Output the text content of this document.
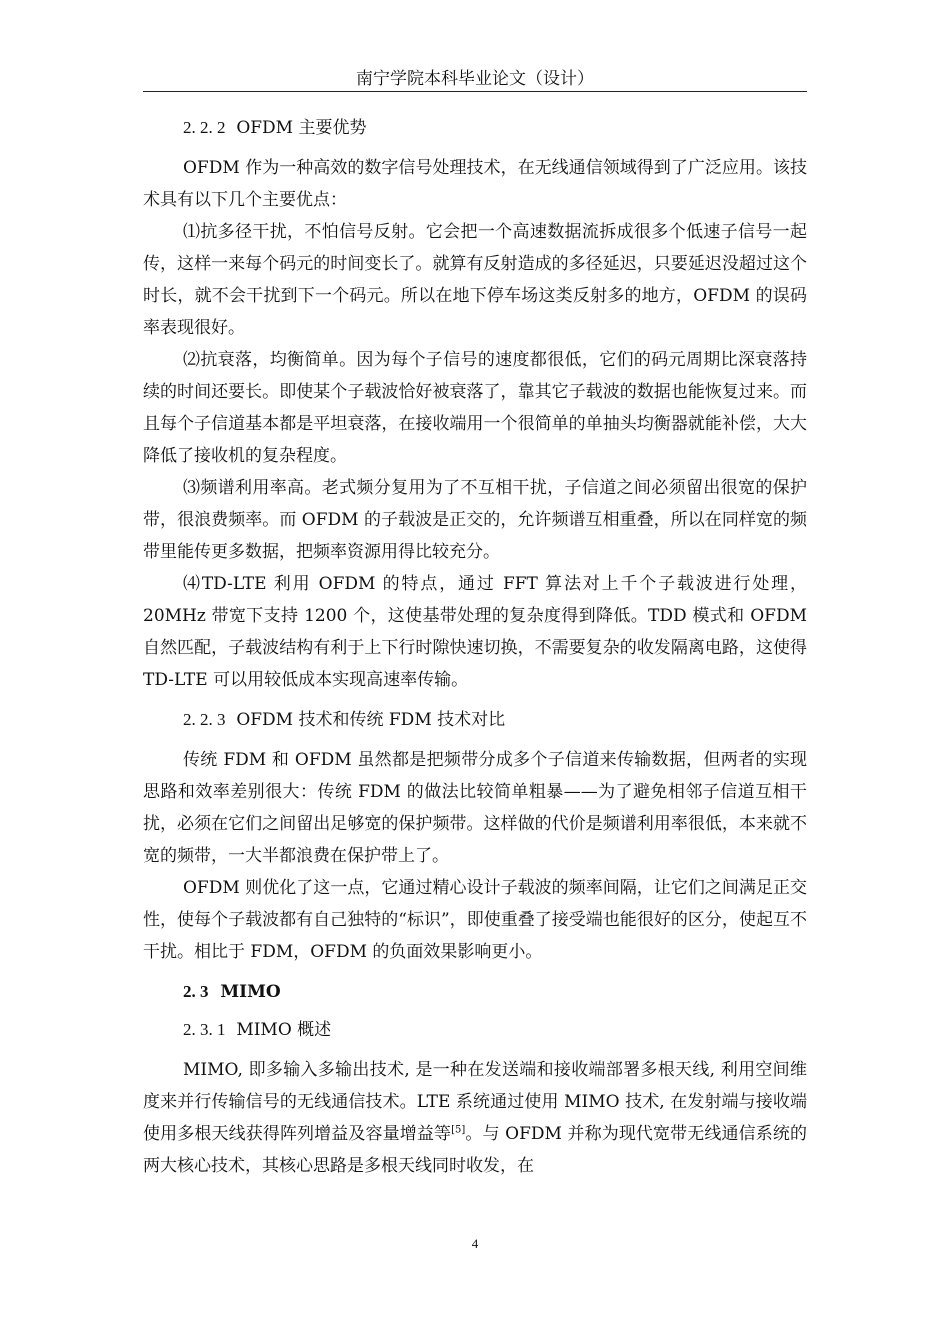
南宁学院本科毕业论文（设计）
2. 2. 2 OFDM 主要优势

OFDM 作为一种高效的数字信号处理技术，在无线通信领域得到了广泛应用。该技术具有以下几个主要优点：

⑴抗多径干扰，不怕信号反射。它会把一个高速数据流拆成很多个低速子信号一起传，这样一来每个码元的时间变长了。就算有反射造成的多径延迟，只要延迟没超过这个时长，就不会干扰到下一个码元。所以在地下停车场这类反射多的地方，OFDM 的误码率表现很好。

⑵抗衰落，均衡简单。因为每个子信号的速度都很低，它们的码元周期比深衰落持续的时间还要长。即使某个子载波恰好被衰落了，靠其它子载波的数据也能恢复过来。而且每个子信道基本都是平坦衰落，在接收端用一个很简单的单抽头均衡器就能补偿，大大降低了接收机的复杂程度。

⑶频谱利用率高。老式频分复用为了不互相干扰，子信道之间必须留出很宽的保护带，很浪费频率。而 OFDM 的子载波是正交的，允许频谱互相重叠，所以在同样宽的频带里能传更多数据，把频率资源用得比较充分。

⑷TD-LTE 利用 OFDM 的特点，通过 FFT 算法对上千个子载波进行处理，20MHz 带宽下支持 1200 个，这使基带处理的复杂度得到降低。TDD 模式和 OFDM 自然匹配，子载波结构有利于上下行时隙快速切换，不需要复杂的收发隔离电路，这使得 TD-LTE 可以用较低成本实现高速率传输。

2. 2. 3 OFDM 技术和传统 FDM 技术对比

传统 FDM 和 OFDM 虽然都是把频带分成多个子信道来传输数据，但两者的实现思路和效率差别很大：传统 FDM 的做法比较简单粗暴——为了避免相邻子信道互相干扰，必须在它们之间留出足够宽的保护频带。这样做的代价是频谱利用率很低，本来就不宽的频带，一大半都浪费在保护带上了。

OFDM 则优化了这一点，它通过精心设计子载波的频率间隔，让它们之间满足正交性，使每个子载波都有自己独特的“标识”，即使重叠了接受端也能很好的区分，使起互不干扰。相比于 FDM，OFDM 的负面效果影响更小。

2. 3 MIMO
2. 3. 1 MIMO 概述

MIMO, 即多输入多输出技术, 是一种在发送端和接收端部署多根天线, 利用空间维度来并行传输信号的无线通信技术。LTE 系统通过使用 MIMO 技术, 在发射端与接收端使用多根天线获得阵列增益及容量增益等[5]。与 OFDM 并称为现代宽带无线通信系统的两大核心技术，其核心思路是多根天线同时收发，在

4
